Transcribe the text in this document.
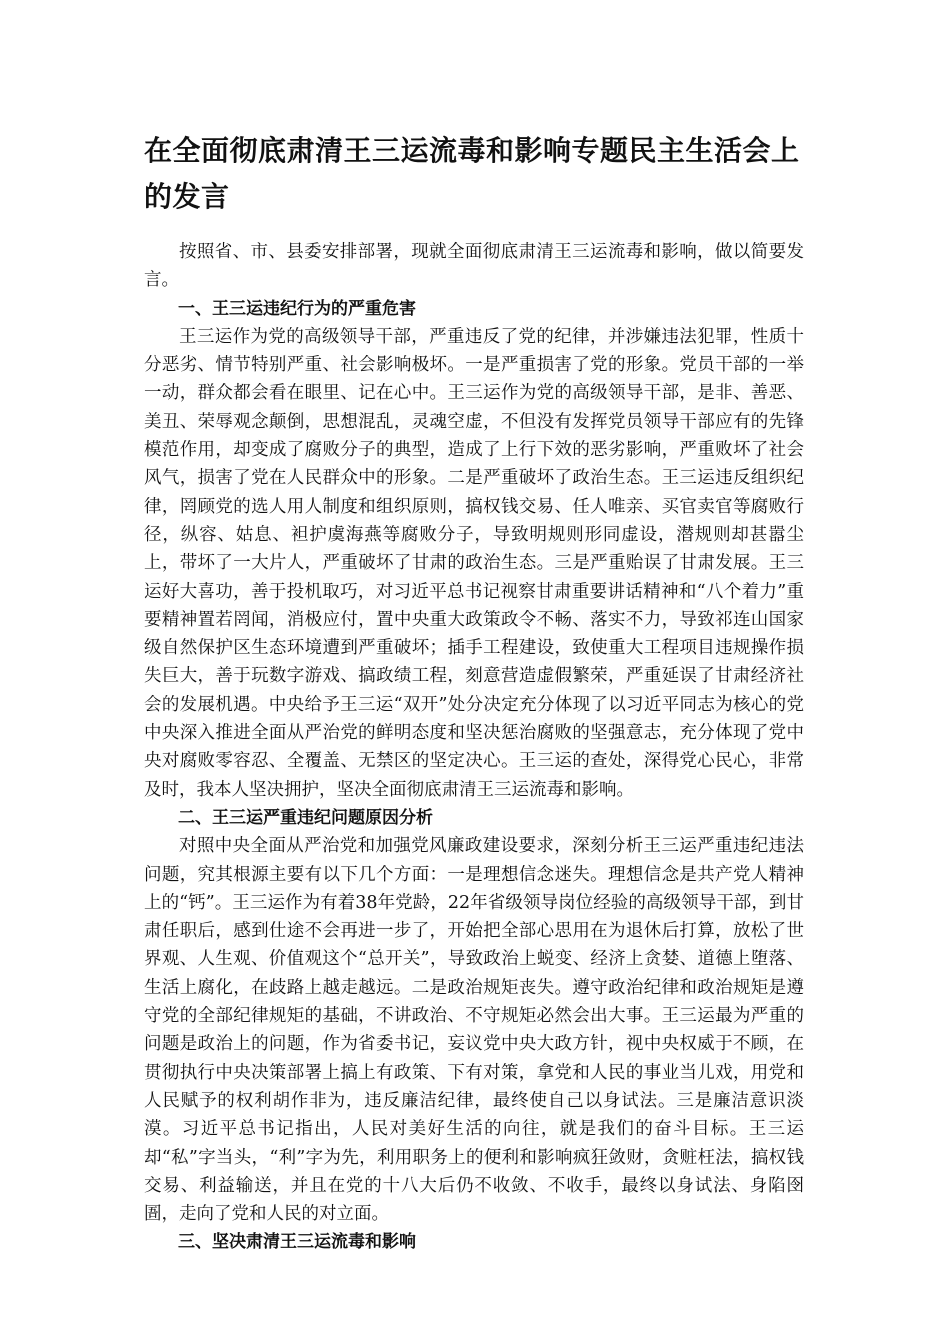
在全面彻底肃清王三运流毒和影响专题民主生活会上的发言

按照省、市、县委安排部署，现就全面彻底肃清王三运流毒和影响，做以简要发言。

一、王三运违纪行为的严重危害

王三运作为党的高级领导干部，严重违反了党的纪律，并涉嫌违法犯罪，性质十分恶劣、情节特别严重、社会影响极坏。一是严重损害了党的形象。党员干部的一举一动，群众都会看在眼里、记在心中。王三运作为党的高级领导干部，是非、善恶、美丑、荣辱观念颠倒，思想混乱，灵魂空虚，不但没有发挥党员领导干部应有的先锋模范作用，却变成了腐败分子的典型，造成了上行下效的恶劣影响，严重败坏了社会风气，损害了党在人民群众中的形象。二是严重破坏了政治生态。王三运违反组织纪律，罔顾党的选人用人制度和组织原则，搞权钱交易、任人唯亲、买官卖官等腐败行径，纵容、姑息、袒护虞海燕等腐败分子，导致明规则形同虚设，潜规则却甚嚣尘上，带坏了一大片人，严重破坏了甘肃的政治生态。三是严重贻误了甘肃发展。王三运好大喜功，善于投机取巧，对习近平总书记视察甘肃重要讲话精神和“八个着力”重要精神置若罔闻，消极应付，置中央重大政策政令不畅、落实不力，导致祁连山国家级自然保护区生态环境遭到严重破坏；插手工程建设，致使重大工程项目违规操作损失巨大，善于玩数字游戏、搞政绩工程，刻意营造虚假繁荣，严重延误了甘肃经济社会的发展机遇。中央给予王三运“双开”处分决定充分体现了以习近平同志为核心的党中央深入推进全面从严治党的鲜明态度和坚决惩治腐败的坚强意志，充分体现了党中央对腐败零容忍、全覆盖、无禁区的坚定决心。王三运的查处，深得党心民心，非常及时，我本人坚决拥护，坚决全面彻底肃清王三运流毒和影响。

二、王三运严重违纪问题原因分析

对照中央全面从严治党和加强党风廉政建设要求，深刻分析王三运严重违纪违法问题，究其根源主要有以下几个方面：一是理想信念迷失。理想信念是共产党人精神上的“钙”。王三运作为有着38年党龄，22年省级领导岗位经验的高级领导干部，到甘肃任职后，感到仕途不会再进一步了，开始把全部心思用在为退休后打算，放松了世界观、人生观、价值观这个“总开关”，导致政治上蜕变、经济上贪婪、道德上堕落、生活上腐化，在歧路上越走越远。二是政治规矩丧失。遵守政治纪律和政治规矩是遵守党的全部纪律规矩的基础，不讲政治、不守规矩必然会出大事。王三运最为严重的问题是政治上的问题，作为省委书记，妄议党中央大政方针，视中央权威于不顾，在贯彻执行中央决策部署上搞上有政策、下有对策，拿党和人民的事业当儿戏，用党和人民赋予的权利胡作非为，违反廉洁纪律，最终使自己以身试法。三是廉洁意识淡漠。习近平总书记指出，人民对美好生活的向往，就是我们的奋斗目标。王三运却“私”字当头，“利”字为先，利用职务上的便利和影响疯狂敛财，贪赃枉法，搞权钱交易、利益输送，并且在党的十八大后仍不收敛、不收手，最终以身试法、身陷囹圄，走向了党和人民的对立面。

三、坚决肃清王三运流毒和影响
